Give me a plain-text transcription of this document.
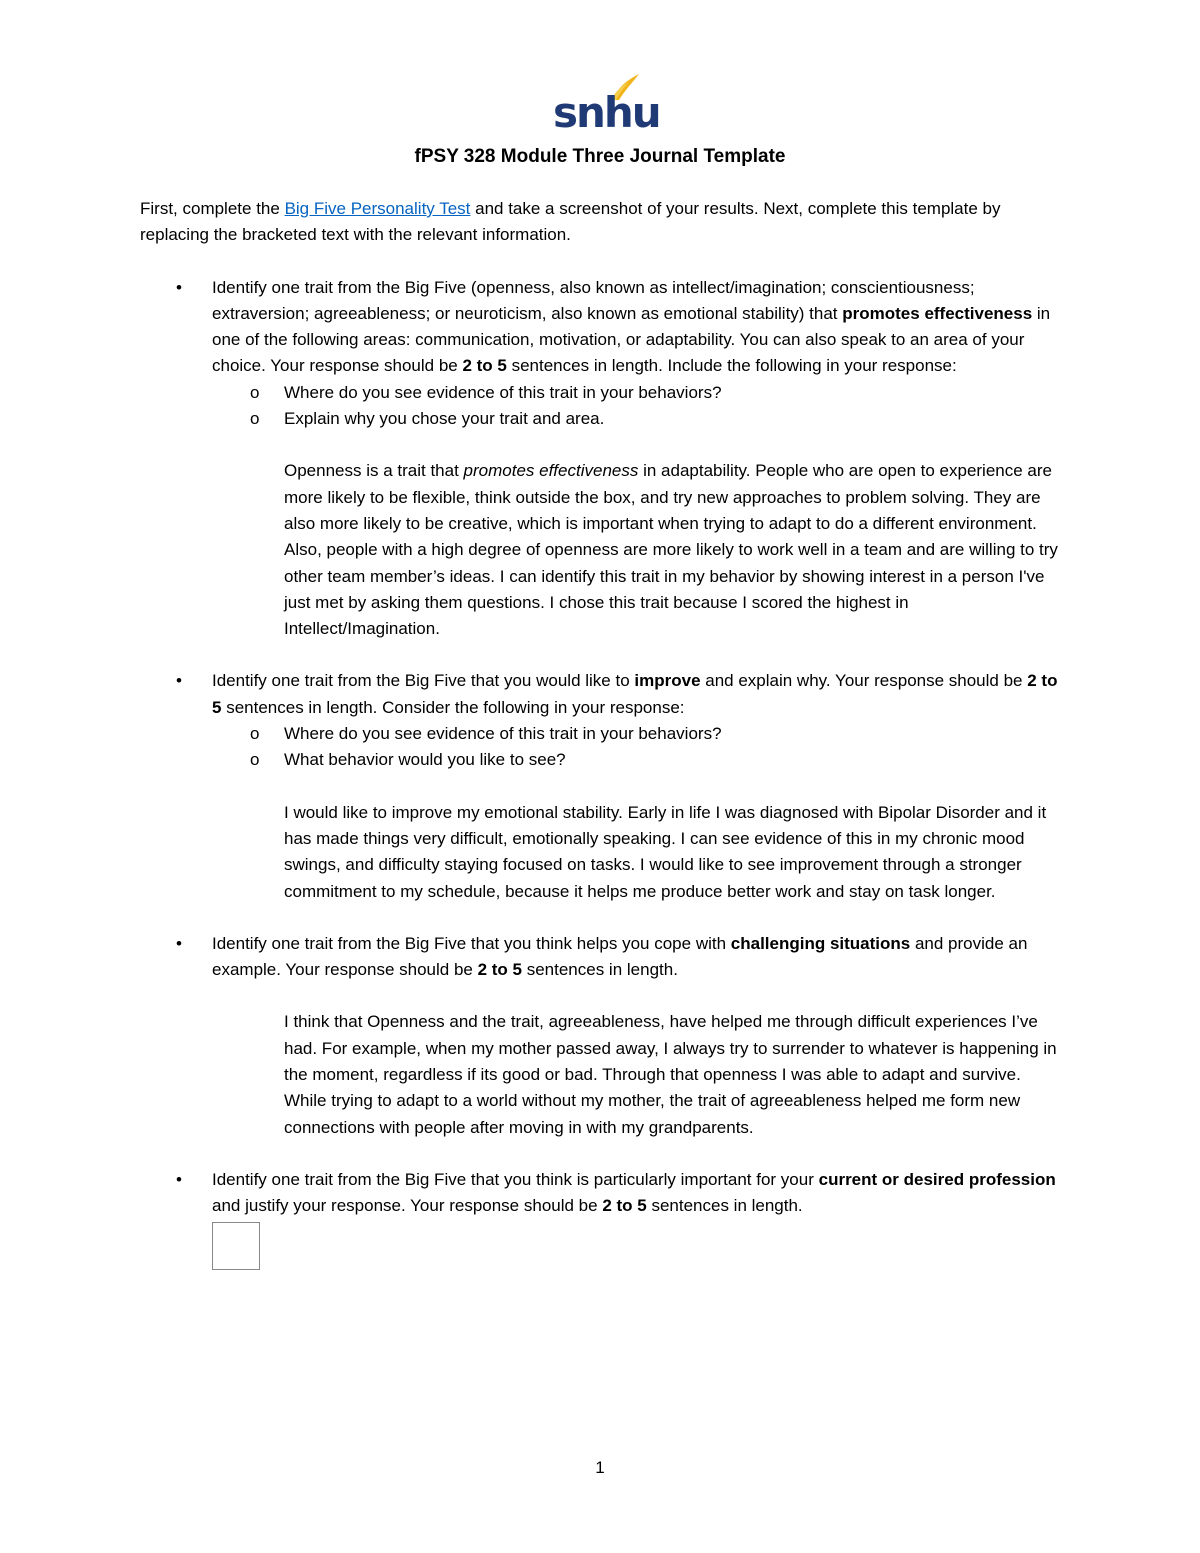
snhu
fPSY 328 Module Three Journal Template

First, complete the Big Five Personality Test and take a screenshot of your results. Next, complete this template by replacing the bracketed text with the relevant information.

• Identify one trait from the Big Five (openness, also known as intellect/imagination; conscientiousness; extraversion; agreeableness; or neuroticism, also known as emotional stability) that promotes effectiveness in one of the following areas: communication, motivation, or adaptability. You can also speak to an area of your choice. Your response should be 2 to 5 sentences in length. Include the following in your response:
o Where do you see evidence of this trait in your behaviors?
o Explain why you chose your trait and area.

Openness is a trait that promotes effectiveness in adaptability. People who are open to experience are more likely to be flexible, think outside the box, and try new approaches to problem solving. They are also more likely to be creative, which is important when trying to adapt to do a different environment. Also, people with a high degree of openness are more likely to work well in a team and are willing to try other team member’s ideas. I can identify this trait in my behavior by showing interest in a person I've just met by asking them questions. I chose this trait because I scored the highest in Intellect/Imagination.

• Identify one trait from the Big Five that you would like to improve and explain why. Your response should be 2 to 5 sentences in length. Consider the following in your response:
o Where do you see evidence of this trait in your behaviors?
o What behavior would you like to see?

I would like to improve my emotional stability. Early in life I was diagnosed with Bipolar Disorder and it has made things very difficult, emotionally speaking. I can see evidence of this in my chronic mood swings, and difficulty staying focused on tasks. I would like to see improvement through a stronger commitment to my schedule, because it helps me produce better work and stay on task longer.

• Identify one trait from the Big Five that you think helps you cope with challenging situations and provide an example. Your response should be 2 to 5 sentences in length.

I think that Openness and the trait, agreeableness, have helped me through difficult experiences I’ve had. For example, when my mother passed away, I always try to surrender to whatever is happening in the moment, regardless if its good or bad. Through that openness I was able to adapt and survive. While trying to adapt to a world without my mother, the trait of agreeableness helped me form new connections with people after moving in with my grandparents.

• Identify one trait from the Big Five that you think is particularly important for your current or desired profession and justify your response. Your response should be 2 to 5 sentences in length.
1
